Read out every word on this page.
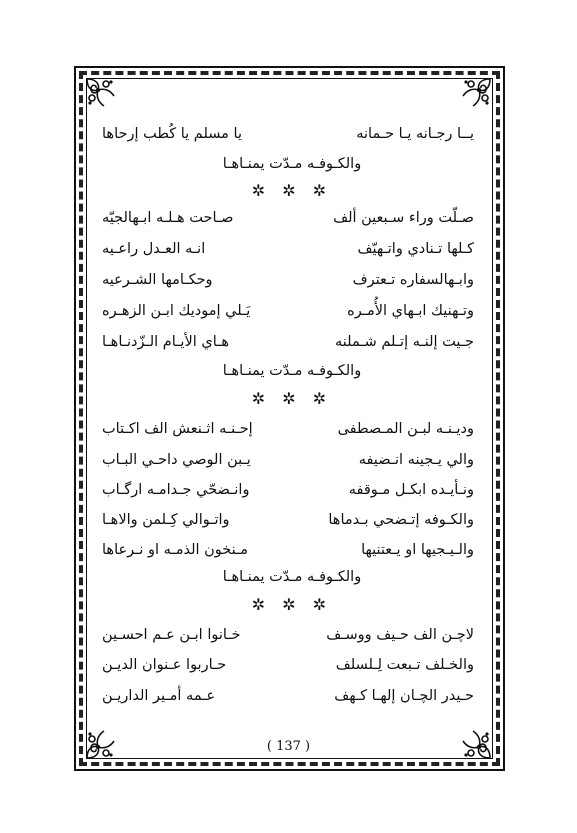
يــا رجـانه يـا حـمانه
يا مسلم يا كُطب إرحاها
والكـوفـه مـدّت يمنـاهـا
✲ ✲ ✲
صـلّت وراء سـبعين ألف
صـاحت هـلـه ابـهالجيّه
كـلها تـنادي واتـهيّف
انـه العـدل راعـيه
وابـهالسفاره تـعترف
وحكـامها الشـرعيه
وتـهنيك ابـهاي الأُمـره
يَـلي إموديك ابـن الزهـره
جـيت إلنـه إتـلم شـملنه
هـاي الأيـام الـزّدنـاهـا
والكـوفـه مـدّت يمنـاهـا
✲ ✲ ✲
وديـنـه لبـن المـصطفى
إحـنـه اثـنعش الف اكـتاب
والي يـجينه انـضيفه
يـبن الوصي داحـي البـاب
ونـأيـده ابكـل مـوقفه
وانـضحّي جـدامـه ارگـاب
والكـوفه إتـضحي بـدماها
واتـوالي كِـلمن والاهـا
والـيـجيها او يـعتنيها
مـنخون الذمـه او نـرعاها
والكـوفـه مـدّت يمنـاهـا
✲ ✲ ✲
لاچـن الف حـيف ووسـف
خـانوا ابـن عـم احسـين
والخـلف تـبعت لِـلسلف
حـاربوا عـنوان الديـن
حـيدر الچـان إلهـا كـهف
عـمه أمـير الداريـن
( 137 )
